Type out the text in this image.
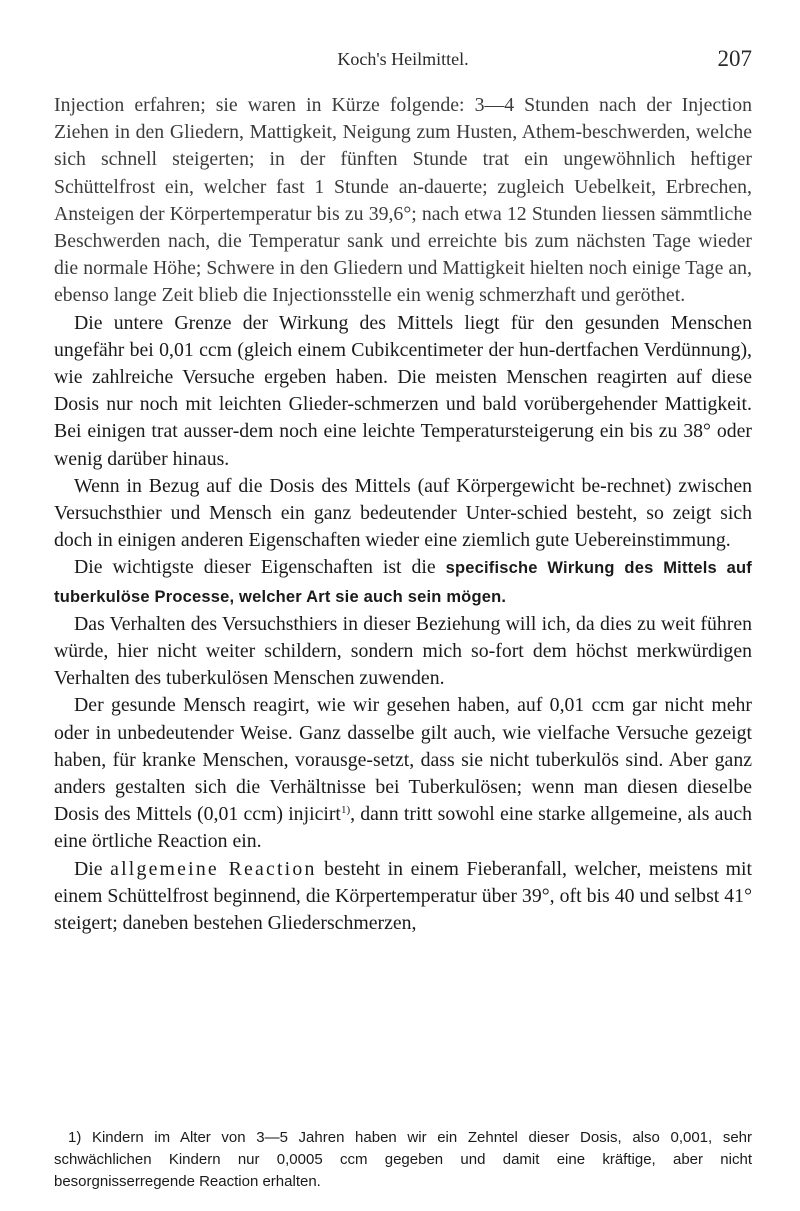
Koch's Heilmittel.	207

Injection erfahren; sie waren in Kürze folgende: 3—4 Stunden nach der Injection Ziehen in den Gliedern, Mattigkeit, Neigung zum Husten, Athem-beschwerden, welche sich schnell steigerten; in der fünften Stunde trat ein ungewöhnlich heftiger Schüttelfrost ein, welcher fast 1 Stunde an-dauerte; zugleich Uebelkeit, Erbrechen, Ansteigen der Körpertemperatur bis zu 39,6°; nach etwa 12 Stunden liessen sämmtliche Beschwerden nach, die Temperatur sank und erreichte bis zum nächsten Tage wieder die normale Höhe; Schwere in den Gliedern und Mattigkeit hielten noch einige Tage an, ebenso lange Zeit blieb die Injectionsstelle ein wenig schmerzhaft und geröthet.

Die untere Grenze der Wirkung des Mittels liegt für den gesunden Menschen ungefähr bei 0,01 ccm (gleich einem Cubikcentimeter der hun-dertfachen Verdünnung), wie zahlreiche Versuche ergeben haben. Die meisten Menschen reagirten auf diese Dosis nur noch mit leichten Glieder-schmerzen und bald vorübergehender Mattigkeit. Bei einigen trat ausser-dem noch eine leichte Temperatursteigerung ein bis zu 38° oder wenig darüber hinaus.

Wenn in Bezug auf die Dosis des Mittels (auf Körpergewicht be-rechnet) zwischen Versuchsthier und Mensch ein ganz bedeutender Unter-schied besteht, so zeigt sich doch in einigen anderen Eigenschaften wieder eine ziemlich gute Uebereinstimmung.

Die wichtigste dieser Eigenschaften ist die specifische Wirkung des Mittels auf tuberkulöse Processe, welcher Art sie auch sein mögen.

Das Verhalten des Versuchsthiers in dieser Beziehung will ich, da dies zu weit führen würde, hier nicht weiter schildern, sondern mich so-fort dem höchst merkwürdigen Verhalten des tuberkulösen Menschen zuwenden.

Der gesunde Mensch reagirt, wie wir gesehen haben, auf 0,01 ccm gar nicht mehr oder in unbedeutender Weise. Ganz dasselbe gilt auch, wie vielfache Versuche gezeigt haben, für kranke Menschen, vorausge-setzt, dass sie nicht tuberkulös sind. Aber ganz anders gestalten sich die Verhältnisse bei Tuberkulösen; wenn man diesen dieselbe Dosis des Mittels (0,01 ccm) injicirt$^{1)}$, dann tritt sowohl eine starke allgemeine, als auch eine örtliche Reaction ein.

Die allgemeine Reaction besteht in einem Fieberanfall, welcher, meistens mit einem Schüttelfrost beginnend, die Körpertemperatur über 39°, oft bis 40 und selbst 41° steigert; daneben bestehen Gliederschmerzen,

1) Kindern im Alter von 3—5 Jahren haben wir ein Zehntel dieser Dosis, also 0,001, sehr schwächlichen Kindern nur 0,0005 ccm gegeben und damit eine kräftige, aber nicht besorgnisserregende Reaction erhalten.
